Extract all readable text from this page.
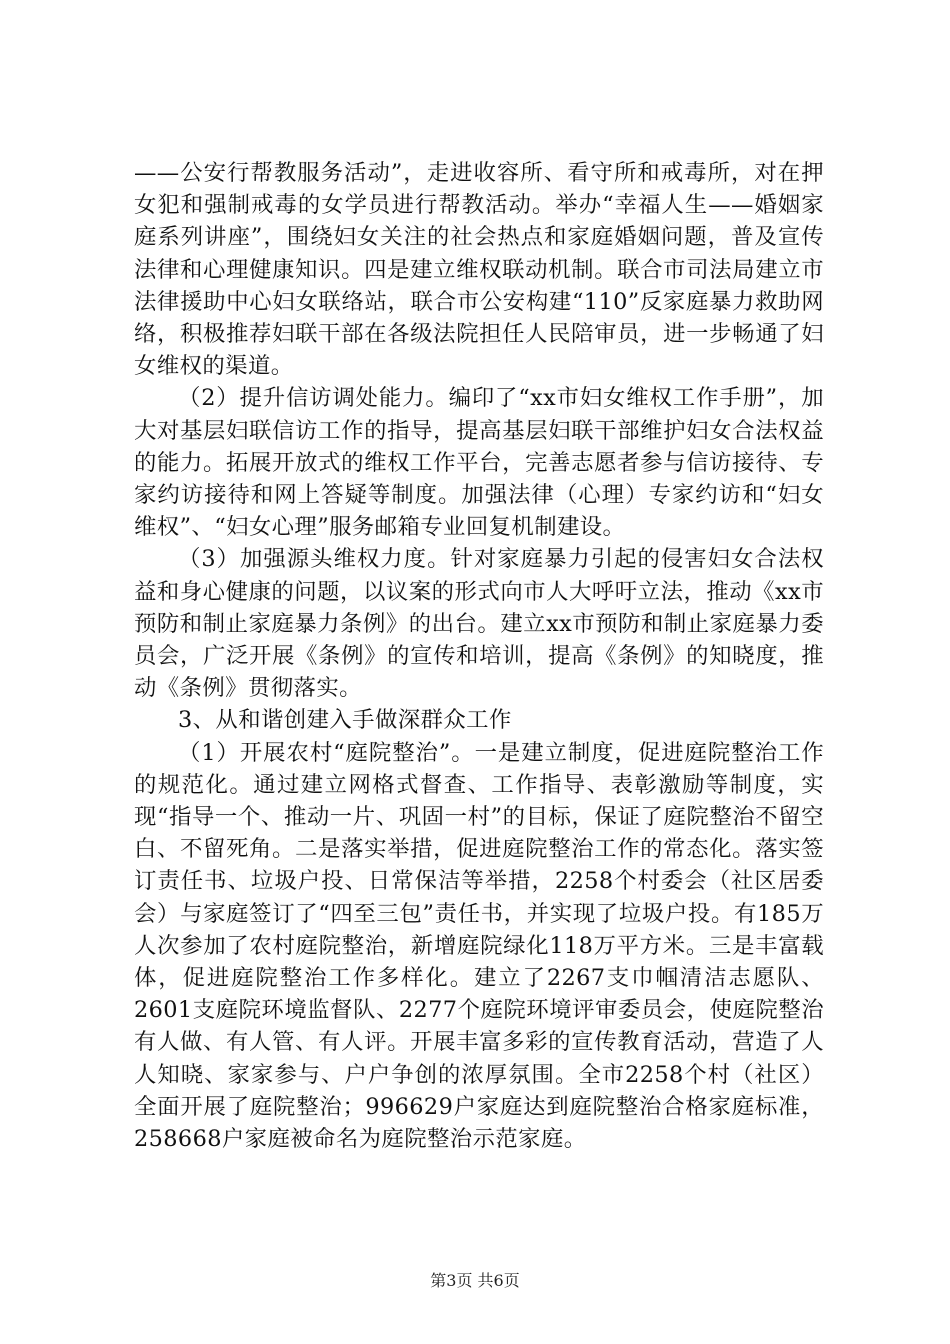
——公安行帮教服务活动”，走进收容所、看守所和戒毒所，对在押女犯和强制戒毒的女学员进行帮教活动。举办“幸福人生——婚姻家庭系列讲座”，围绕妇女关注的社会热点和家庭婚姻问题，普及宣传法律和心理健康知识。四是建立维权联动机制。联合市司法局建立市法律援助中心妇女联络站，联合市公安构建“110”反家庭暴力救助网络，积极推荐妇联干部在各级法院担任人民陪审员，进一步畅通了妇女维权的渠道。

（2）提升信访调处能力。编印了“xx市妇女维权工作手册”，加大对基层妇联信访工作的指导，提高基层妇联干部维护妇女合法权益的能力。拓展开放式的维权工作平台，完善志愿者参与信访接待、专家约访接待和网上答疑等制度。加强法律（心理）专家约访和“妇女维权”、“妇女心理”服务邮箱专业回复机制建设。

（3）加强源头维权力度。针对家庭暴力引起的侵害妇女合法权益和身心健康的问题，以议案的形式向市人大呼吁立法，推动《xx市预防和制止家庭暴力条例》的出台。建立xx市预防和制止家庭暴力委员会，广泛开展《条例》的宣传和培训，提高《条例》的知晓度，推动《条例》贯彻落实。

3、从和谐创建入手做深群众工作

（1）开展农村“庭院整治”。一是建立制度，促进庭院整治工作的规范化。通过建立网格式督查、工作指导、表彰激励等制度，实现“指导一个、推动一片、巩固一村”的目标，保证了庭院整治不留空白、不留死角。二是落实举措，促进庭院整治工作的常态化。落实签订责任书、垃圾户投、日常保洁等举措，2258个村委会（社区居委会）与家庭签订了“四至三包”责任书，并实现了垃圾户投。有185万人次参加了农村庭院整治，新增庭院绿化118万平方米。三是丰富载体，促进庭院整治工作多样化。建立了2267支巾帼清洁志愿队、2601支庭院环境监督队、2277个庭院环境评审委员会，使庭院整治有人做、有人管、有人评。开展丰富多彩的宣传教育活动，营造了人人知晓、家家参与、户户争创的浓厚氛围。全市2258个村（社区）全面开展了庭院整治；996629户家庭达到庭院整治合格家庭标准，258668户家庭被命名为庭院整治示范家庭。

第3页 共6页
